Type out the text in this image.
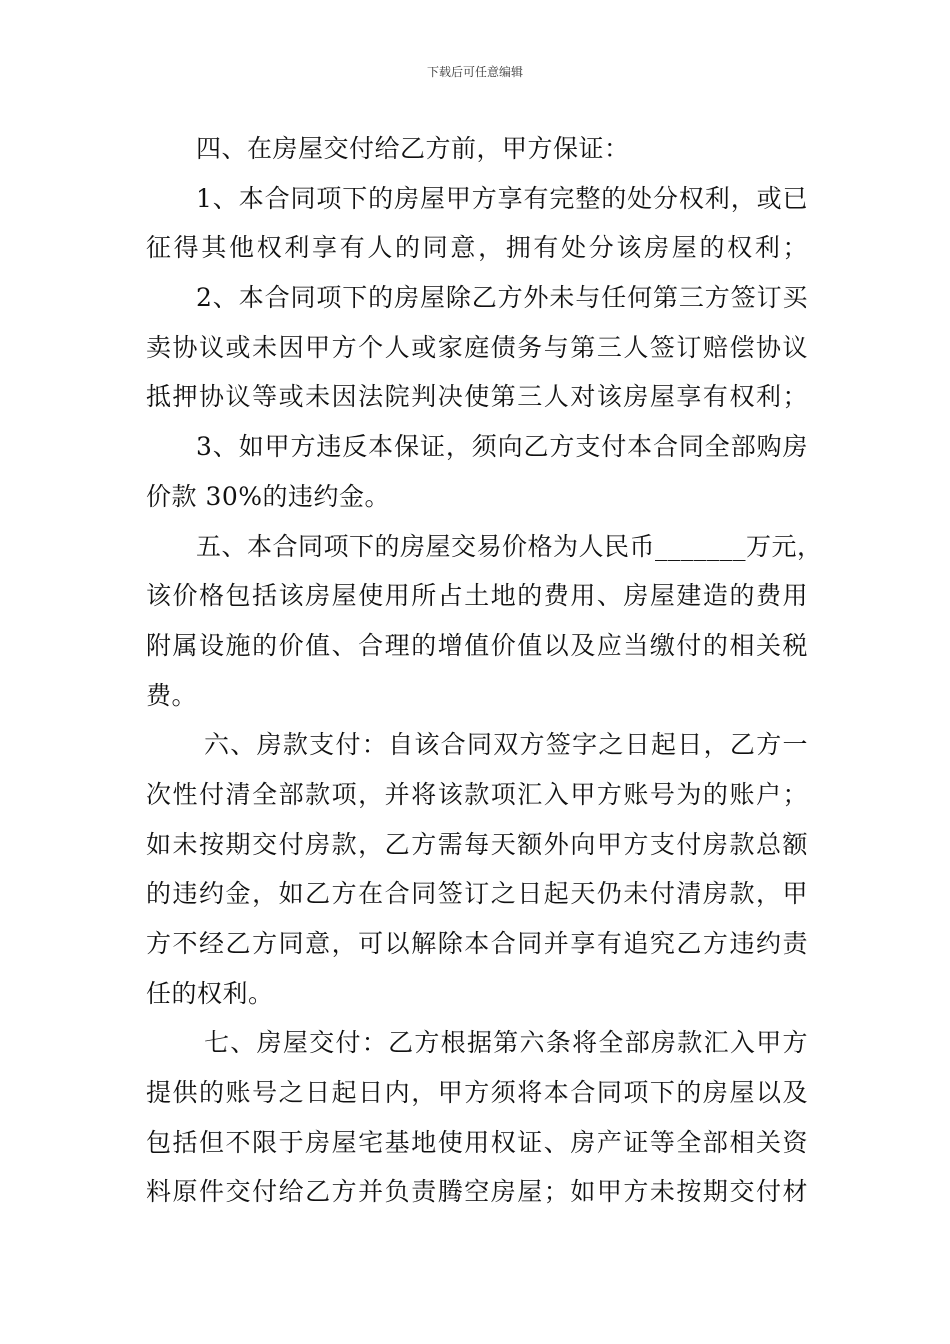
下载后可任意编辑
四、在房屋交付给乙方前，甲方保证：
1、本合同项下的房屋甲方享有完整的处分权利，或已
征得其他权利享有人的同意，拥有处分该房屋的权利；
2、本合同项下的房屋除乙方外未与任何第三方签订买
卖协议或未因甲方个人或家庭债务与第三人签订赔偿协议
抵押协议等或未因法院判决使第三人对该房屋享有权利；
3、如甲方违反本保证，须向乙方支付本合同全部购房
价款 30%的违约金。
五、本合同项下的房屋交易价格为人民币_______万元，
该价格包括该房屋使用所占土地的费用、房屋建造的费用
附属设施的价值、合理的增值价值以及应当缴付的相关税
费。
六、房款支付：自该合同双方签字之日起日，乙方一
次性付清全部款项，并将该款项汇入甲方账号为的账户；
如未按期交付房款，乙方需每天额外向甲方支付房款总额
的违约金，如乙方在合同签订之日起天仍未付清房款，甲
方不经乙方同意，可以解除本合同并享有追究乙方违约责
任的权利。
七、房屋交付：乙方根据第六条将全部房款汇入甲方
提供的账号之日起日内，甲方须将本合同项下的房屋以及
包括但不限于房屋宅基地使用权证、房产证等全部相关资
料原件交付给乙方并负责腾空房屋；如甲方未按期交付材
